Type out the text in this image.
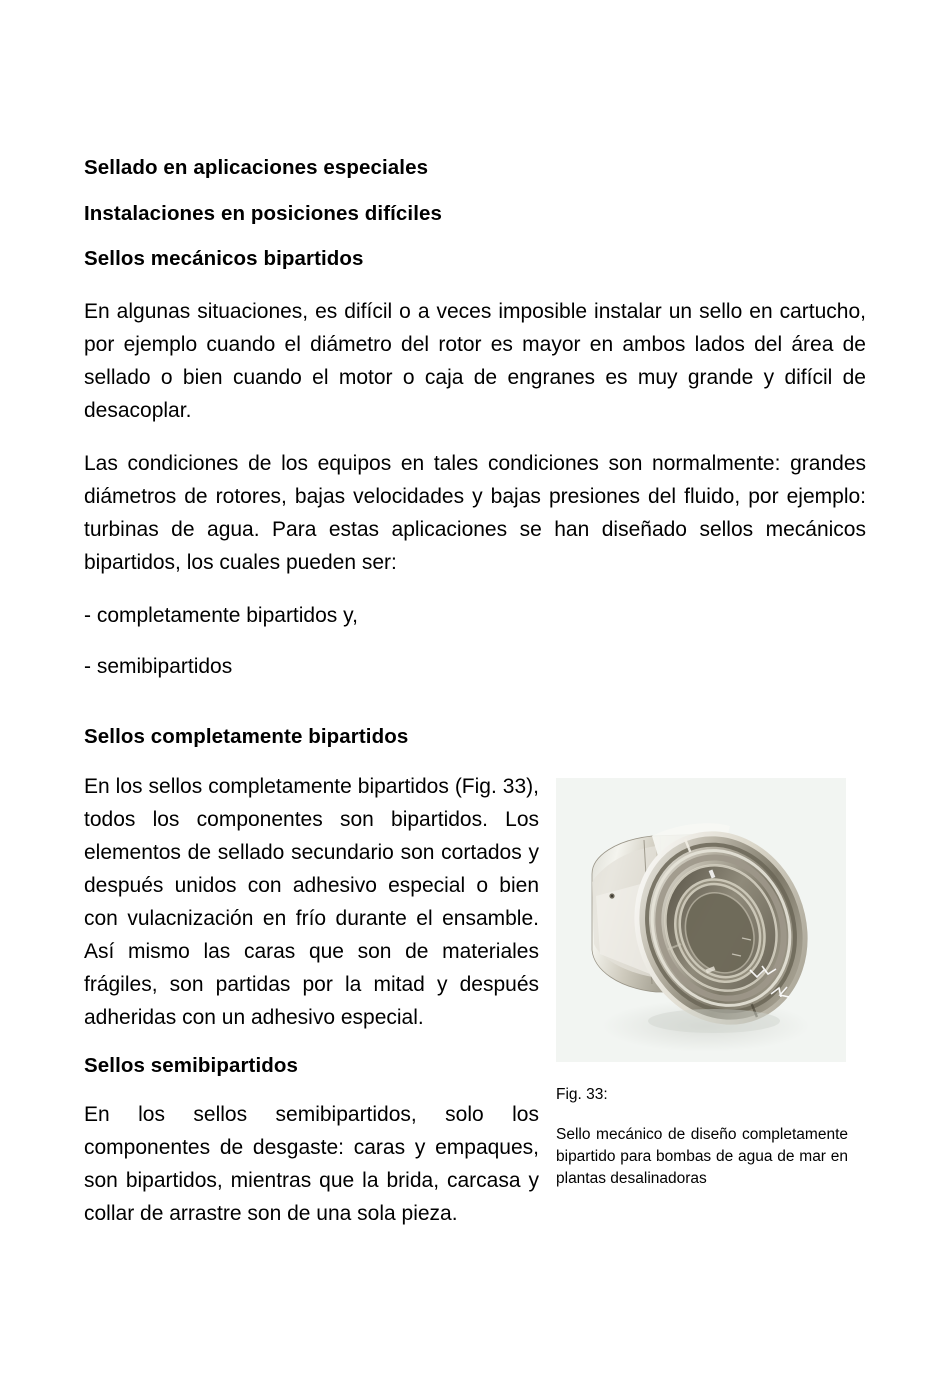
Sellado en aplicaciones especiales
Instalaciones en posiciones difíciles
Sellos mecánicos bipartidos

En algunas situaciones, es difícil o a veces imposible instalar un sello en cartucho, por ejemplo cuando el diámetro del rotor es mayor en ambos lados del área de sellado o bien cuando el motor o caja de engranes es muy grande y difícil de desacoplar.

Las condiciones de los equipos en tales condiciones son normalmente: grandes diámetros de rotores, bajas velocidades y bajas presiones del fluido, por ejemplo: turbinas de agua. Para estas aplicaciones se han diseñado sellos mecánicos bipartidos, los cuales pueden ser:

- completamente bipartidos y,

- semibipartidos

Sellos completamente bipartidos

En los sellos completamente bipartidos (Fig. 33), todos los componentes son bipartidos. Los elementos de sellado secundario son cortados y después unidos con adhesivo especial o bien con vulacnización en frío durante el ensamble. Así mismo las caras que son de materiales frágiles, son partidas por la mitad y después adheridas con un adhesivo especial.

Sellos semibipartidos

En los sellos semibipartidos, solo los componentes de desgaste: caras y empaques, son bipartidos, mientras que la brida, carcasa y collar de arrastre son de una sola pieza.

Fig. 33:

Sello mecánico de diseño completamente bipartido para bombas de agua de mar en plantas desalinadoras
